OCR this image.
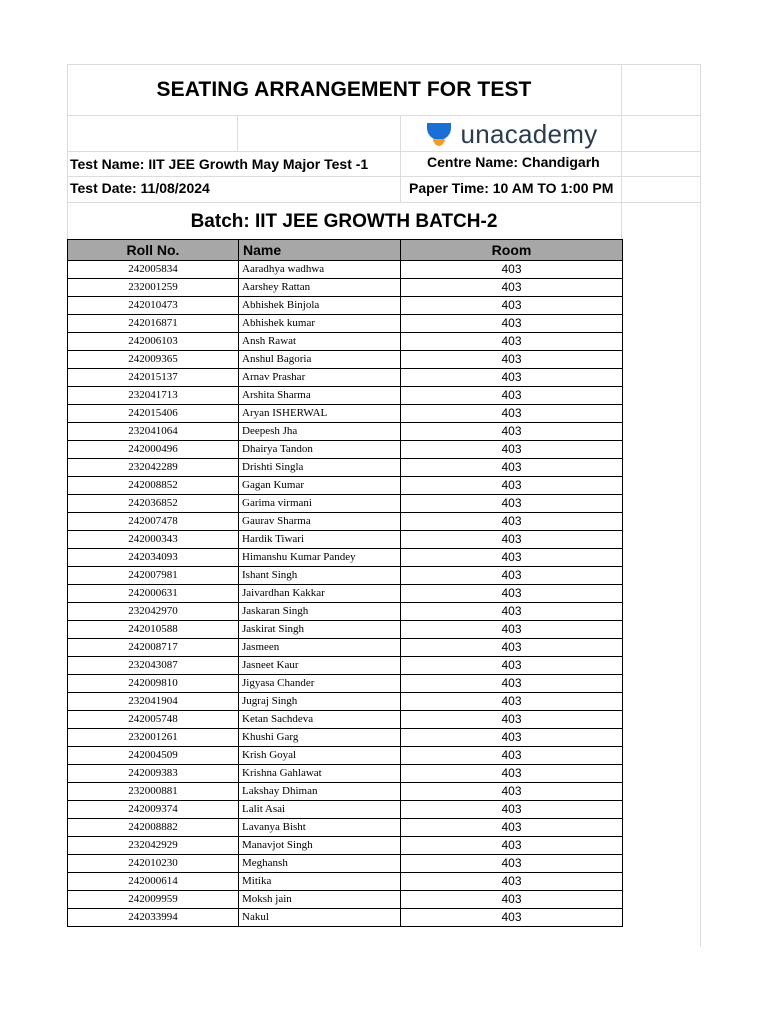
SEATING ARRANGEMENT FOR TEST
unacademy
Test Name: IIT JEE Growth May Major Test -1	Centre Name: Chandigarh
Test Date: 11/08/2024	Paper Time: 10 AM TO 1:00 PM
Batch: IIT JEE GROWTH BATCH-2
Roll No.	Name	Room
242005834	Aaradhya wadhwa	403
232001259	Aarshey Rattan	403
242010473	Abhishek Binjola	403
242016871	Abhishek kumar	403
242006103	Ansh Rawat	403
242009365	Anshul Bagoria	403
242015137	Arnav Prashar	403
232041713	Arshita Sharma	403
242015406	Aryan ISHERWAL	403
232041064	Deepesh Jha	403
242000496	Dhairya Tandon	403
232042289	Drishti Singla	403
242008852	Gagan Kumar	403
242036852	Garima virmani	403
242007478	Gaurav Sharma	403
242000343	Hardik Tiwari	403
242034093	Himanshu Kumar Pandey	403
242007981	Ishant Singh	403
242000631	Jaivardhan Kakkar	403
232042970	Jaskaran Singh	403
242010588	Jaskirat Singh	403
242008717	Jasmeen	403
232043087	Jasneet Kaur	403
242009810	Jigyasa Chander	403
232041904	Jugraj Singh	403
242005748	Ketan Sachdeva	403
232001261	Khushi Garg	403
242004509	Krish Goyal	403
242009383	Krishna Gahlawat	403
232000881	Lakshay Dhiman	403
242009374	Lalit Asai	403
242008882	Lavanya Bisht	403
232042929	Manavjot Singh	403
242010230	Meghansh	403
242000614	Mitika	403
242009959	Moksh jain	403
242033994	Nakul	403
